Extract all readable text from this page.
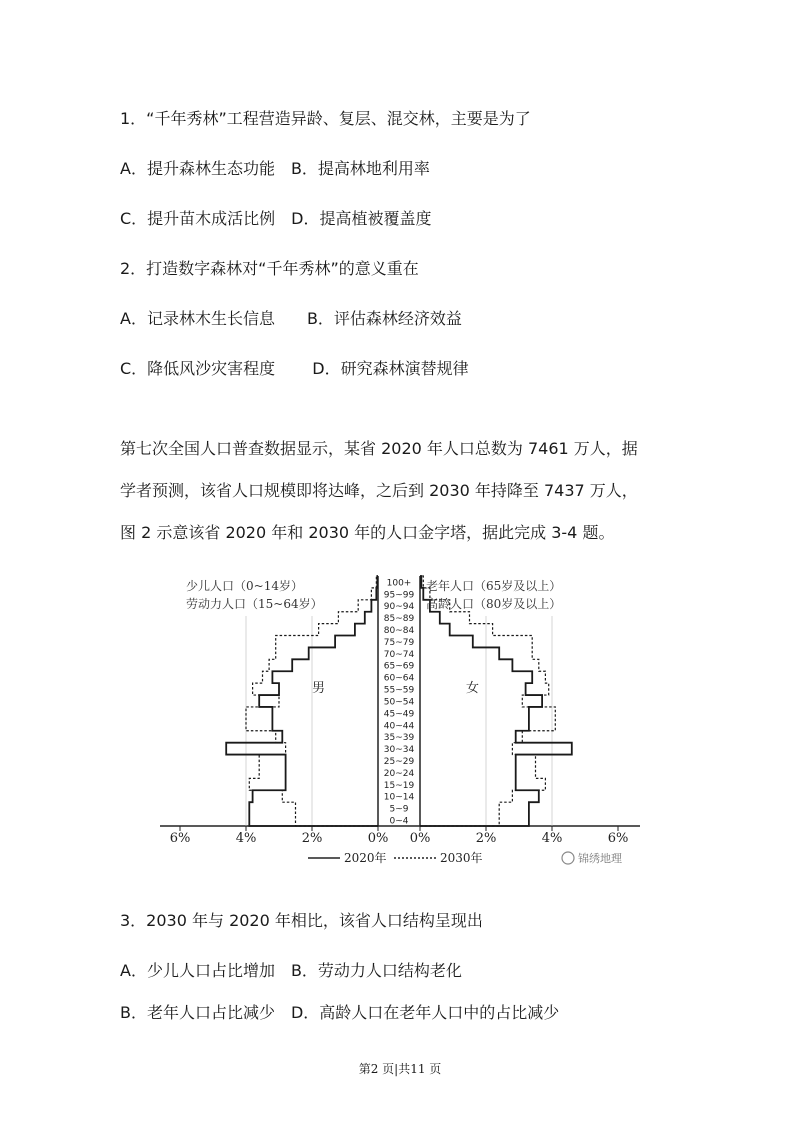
1．“千年秀林”工程营造异龄、复层、混交林，主要是为了
A．提升森林生态功能　B．提高林地利用率
C．提升苗木成活比例　D．提高植被覆盖度
2．打造数字森林对“千年秀林”的意义重在
A．记录林木生长信息　　B．评估森林经济效益
C．降低风沙灾害程度　　 D．研究森林演替规律
第七次全国人口普查数据显示，某省 2020 年人口总数为 7461 万人，据
学者预测，该省人口规模即将达峰，之后到 2030 年持降至 7437 万人，
图 2 示意该省 2020 年和 2030 年的人口金字塔，据此完成 3-4 题。
0~4
5~9
10~14
15~19
20~24
25~29
30~34
35~39
40~44
45~49
50~54
55~59
60~64
65~69
70~74
75~79
80~84
85~89
90~94
95~99
100+
少儿人口（0~14岁）
劳动力人口（15~64岁）
老年人口（65岁及以上）
高龄人口（80岁及以上）
男	女
6%	4%	2%	0% 0%	2%	4%	6%
2020年	2030年	锦绣地理
3．2030 年与 2020 年相比，该省人口结构呈现出
A．少儿人口占比增加　B．劳动力人口结构老化
B．老年人口占比减少　D．高龄人口在老年人口中的占比减少
第2 页|共11 页
